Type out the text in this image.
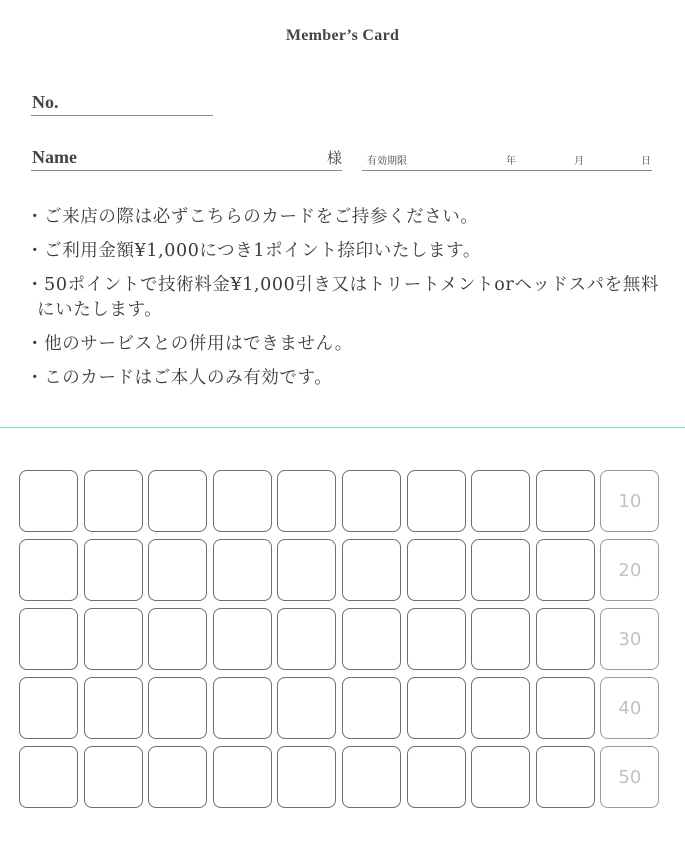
Member’s Card
No.
Name	様	有効期限	年	月	日
・ご来店の際は必ずこちらのカードをご持参ください。
・ご利用金額¥1,000につき1ポイント捺印いたします。
・50ポイントで技術料金¥1,000引き又はトリートメントorヘッドスパを無料にいたします。
・他のサービスとの併用はできません。
・このカードはご本人のみ有効です。
10
20
30
40
50
